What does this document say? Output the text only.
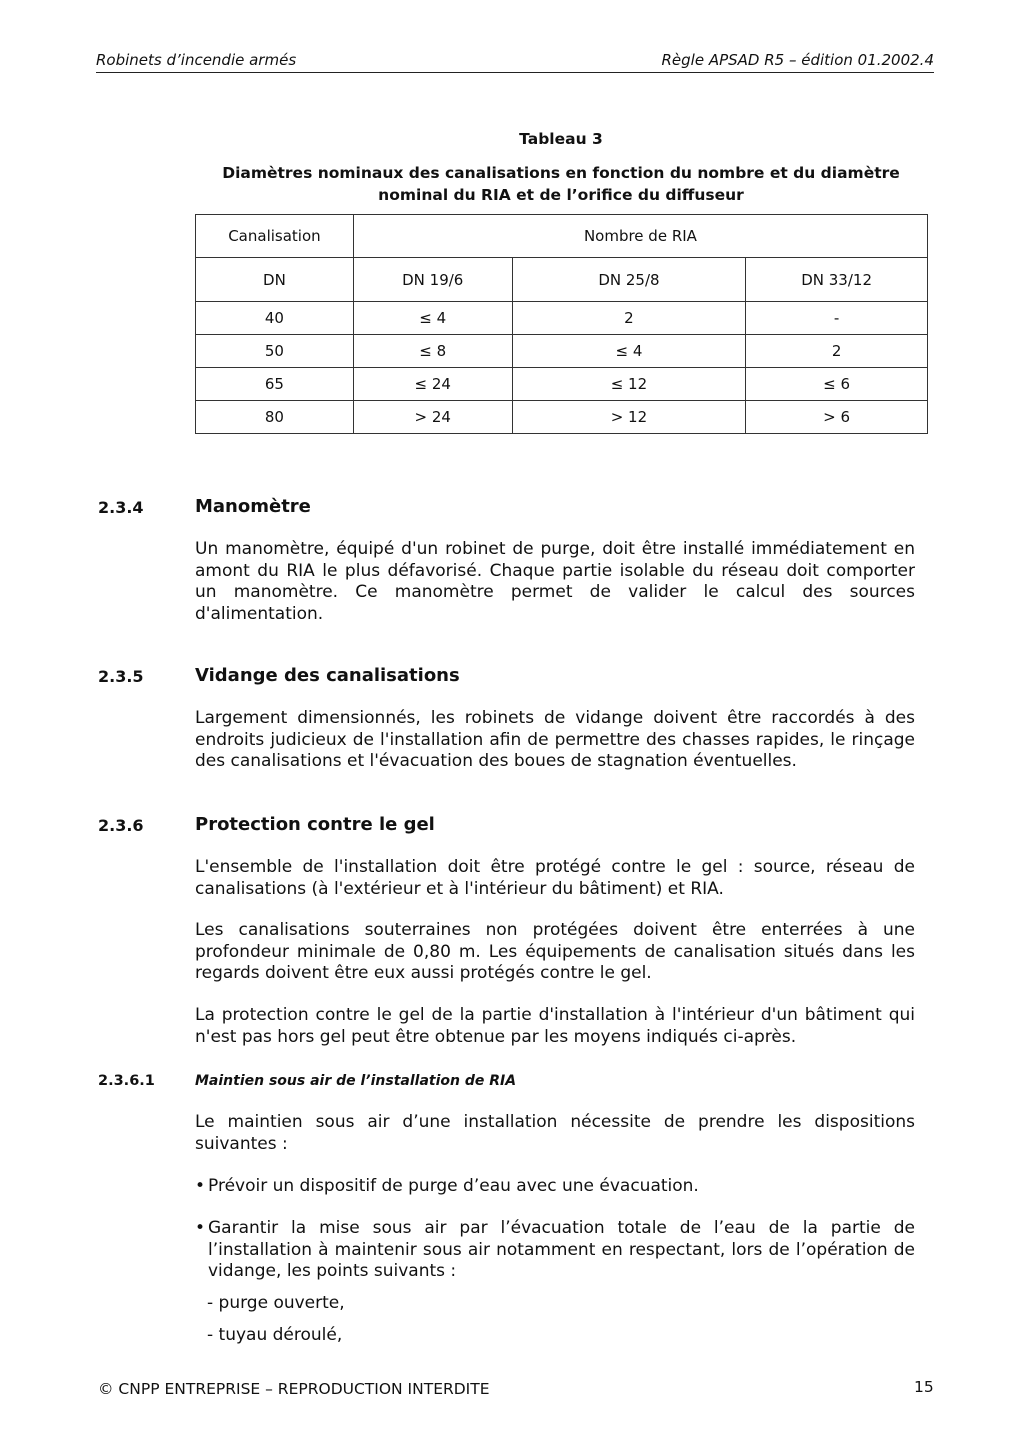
Robinets d’incendie armés	Règle APSAD R5 – édition 01.2002.4
Tableau 3
Diamètres nominaux des canalisations en fonction du nombre et du diamètre
nominal du RIA et de l’orifice du diffuseur
Canalisation	Nombre de RIA		
DN	DN 19/6	DN 25/8	DN 33/12
40	≤ 4	2	-
50	≤ 8	≤ 4	2
65	≤ 24	≤ 12	≤ 6
80	> 24	> 12	> 6
2.3.4	Manomètre

Un manomètre, équipé d'un robinet de purge, doit être installé immédiatement en amont du RIA le plus défavorisé. Chaque partie isolable du réseau doit comporter un manomètre. Ce manomètre permet de valider le calcul des sources d'alimentation.

2.3.5	Vidange des canalisations

Largement dimensionnés, les robinets de vidange doivent être raccordés à des endroits judicieux de l'installation afin de permettre des chasses rapides, le rinçage des canalisations et l'évacuation des boues de stagnation éventuelles.

2.3.6	Protection contre le gel

L'ensemble de l'installation doit être protégé contre le gel : source, réseau de canalisations (à l'extérieur et à l'intérieur du bâtiment) et RIA.

Les canalisations souterraines non protégées doivent être enterrées à une profondeur minimale de 0,80 m. Les équipements de canalisation situés dans les regards doivent être eux aussi protégés contre le gel.

La protection contre le gel de la partie d'installation à l'intérieur d'un bâtiment qui n'est pas hors gel peut être obtenue par les moyens indiqués ci-après.

2.3.6.1	Maintien sous air de l’installation de RIA

Le maintien sous air d’une installation nécessite de prendre les dispositions suivantes :

• Prévoir un dispositif de purge d’eau avec une évacuation.
• Garantir la mise sous air par l’évacuation totale de l’eau de la partie de l’installation à maintenir sous air notamment en respectant, lors de l’opération de vidange, les points suivants :
- purge ouverte,
- tuyau déroulé,
© CNPP ENTREPRISE – REPRODUCTION INTERDITE	15
